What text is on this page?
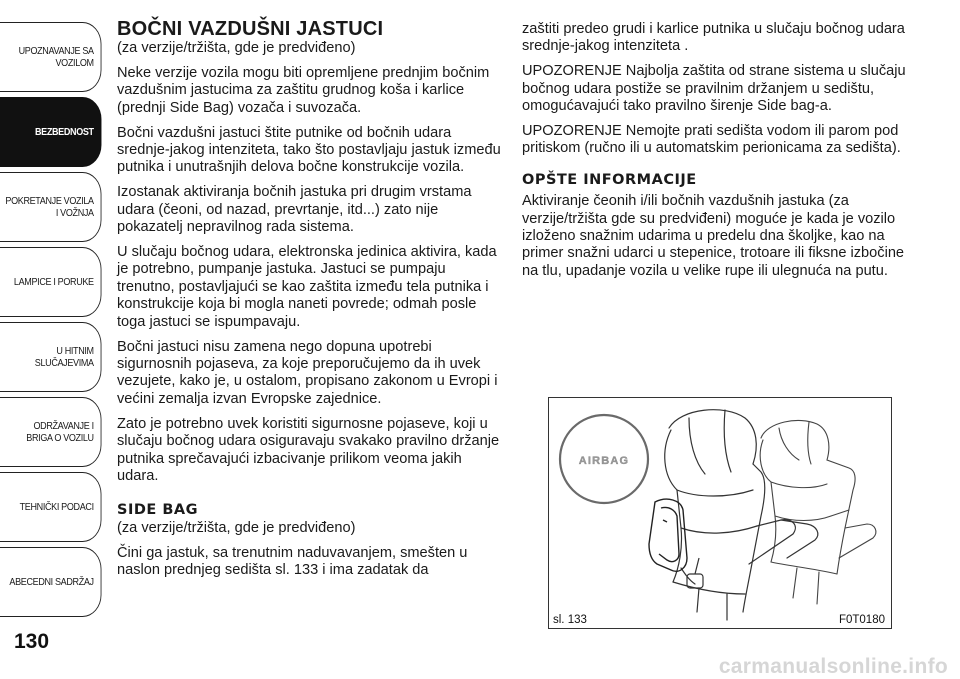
UPOZNAVANJE SA
VOZILOM
BEZBEDNOST
POKRETANJE VOZILA
I VOŽNJA
LAMPICE I PORUKE
U HITNIM
SLUČAJEVIMA
ODRŽAVANJE I
BRIGA O VOZILU
TEHNIČKI PODACI
ABECEDNI SADRŽAJ
130
BOČNI VAZDUŠNI JASTUCI

(za verzije/tržišta, gde je predviđeno)

Neke verzije vozila mogu biti opremljene prednjim bočnim vazdušnim jastucima za zaštitu grudnog koša i karlice (prednji Side Bag) vozača i suvozača.

Bočni vazdušni jastuci štite putnike od bočnih udara srednje-jakog intenziteta, tako što postavljaju jastuk između putnika i unutrašnjih delova bočne konstrukcije vozila.

Izostanak aktiviranja bočnih jastuka pri drugim vrstama udara (čeoni, od nazad, prevrtanje, itd...) zato nije pokazatelj nepravilnog rada sistema.

U slučaju bočnog udara, elektronska jedinica aktivira, kada je potrebno, pumpanje jastuka. Jastuci se pumpaju trenutno, postavljajući se kao zaštita između tela putnika i konstrukcije koja bi mogla naneti povrede; odmah posle toga jastuci se ispumpavaju.

Bočni jastuci nisu zamena nego dopuna upotrebi sigurnosnih pojaseva, za koje preporučujemo da ih uvek vezujete, kako je, u ostalom, propisano zakonom u Evropi i većini zemalja izvan Evropske zajednice.

Zato je potrebno uvek koristiti sigurnosne pojaseve, koji u slučaju bočnog udara osiguravaju svakako pravilno držanje putnika sprečavajući izbacivanje prilikom veoma jakih udara.

SIDE BAG

(za verzije/tržišta, gde je predviđeno)

Čini ga jastuk, sa trenutnim naduvavanjem, smešten u naslon prednjeg sedišta sl. 133 i ima zadatak da

zaštiti predeo grudi i karlice putnika u slučaju bočnog udara srednje-jakog intenziteta .

UPOZORENJE Najbolja zaštita od strane sistema u slučaju bočnog udara postiže se pravilnim držanjem u sedištu, omogućavajući tako pravilno širenje Side bag-a.

UPOZORENJE Nemojte prati sedišta vodom ili parom pod pritiskom (ručno ili u automatskim perionicama za sedišta).

OPŠTE INFORMACIJE

Aktiviranje čeonih i/ili bočnih vazdušnih jastuka (za verzije/tržišta gde su predviđeni) moguće je kada je vozilo izloženo snažnim udarima u predelu dna školjke, kao na primer snažni udarci u stepenice, trotoare ili fiksne izbočine na tlu, upadanje vozila u velike rupe ili ulegnuća na putu.

AIRBAG
sl. 133	F0T0180
carmanualsonline.info
